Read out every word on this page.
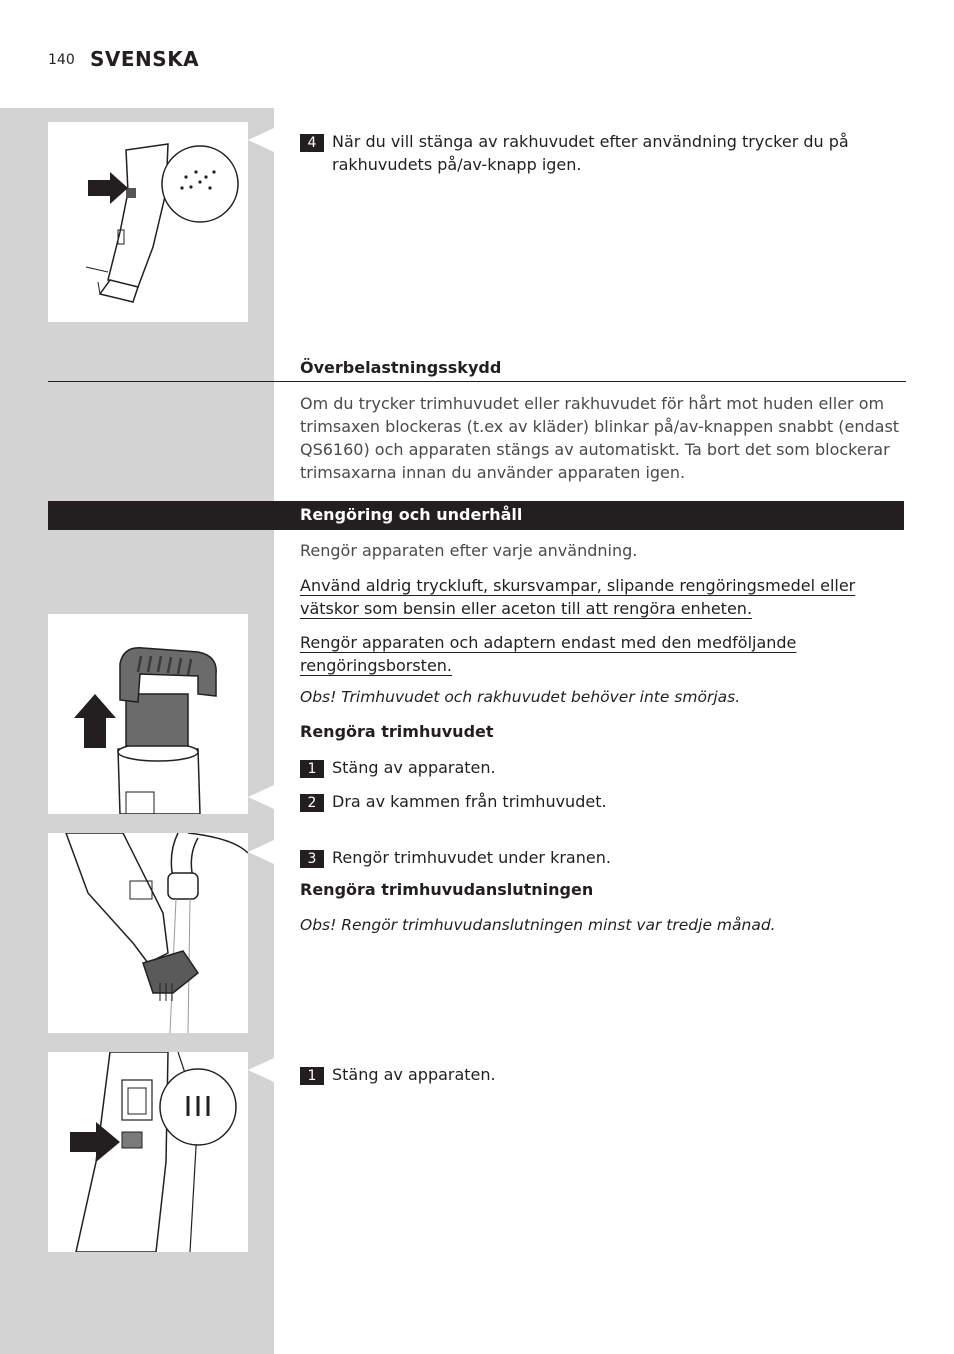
140 SVENSKA
4 När du vill stänga av rakhuvudet efter användning trycker du på
rakhuvudets på/av-knapp igen.
Överbelastningsskydd
Om du trycker trimhuvudet eller rakhuvudet för hårt mot huden eller om
trimsaxen blockeras (t.ex av kläder) blinkar på/av-knappen snabbt (endast
QS6160) och apparaten stängs av automatiskt. Ta bort det som blockerar
trimsaxarna innan du använder apparaten igen.
Rengöring och underhåll
Rengör apparaten efter varje användning.
Använd aldrig tryckluft, skursvampar, slipande rengöringsmedel eller
vätskor som bensin eller aceton till att rengöra enheten.
Rengör apparaten och adaptern endast med den medföljande
rengöringsborsten.
Obs! Trimhuvudet och rakhuvudet behöver inte smörjas.
Rengöra trimhuvudet
1 Stäng av apparaten.
2 Dra av kammen från trimhuvudet.
3 Rengör trimhuvudet under kranen.
Rengöra trimhuvudanslutningen
Obs! Rengör trimhuvudanslutningen minst var tredje månad.
1 Stäng av apparaten.
